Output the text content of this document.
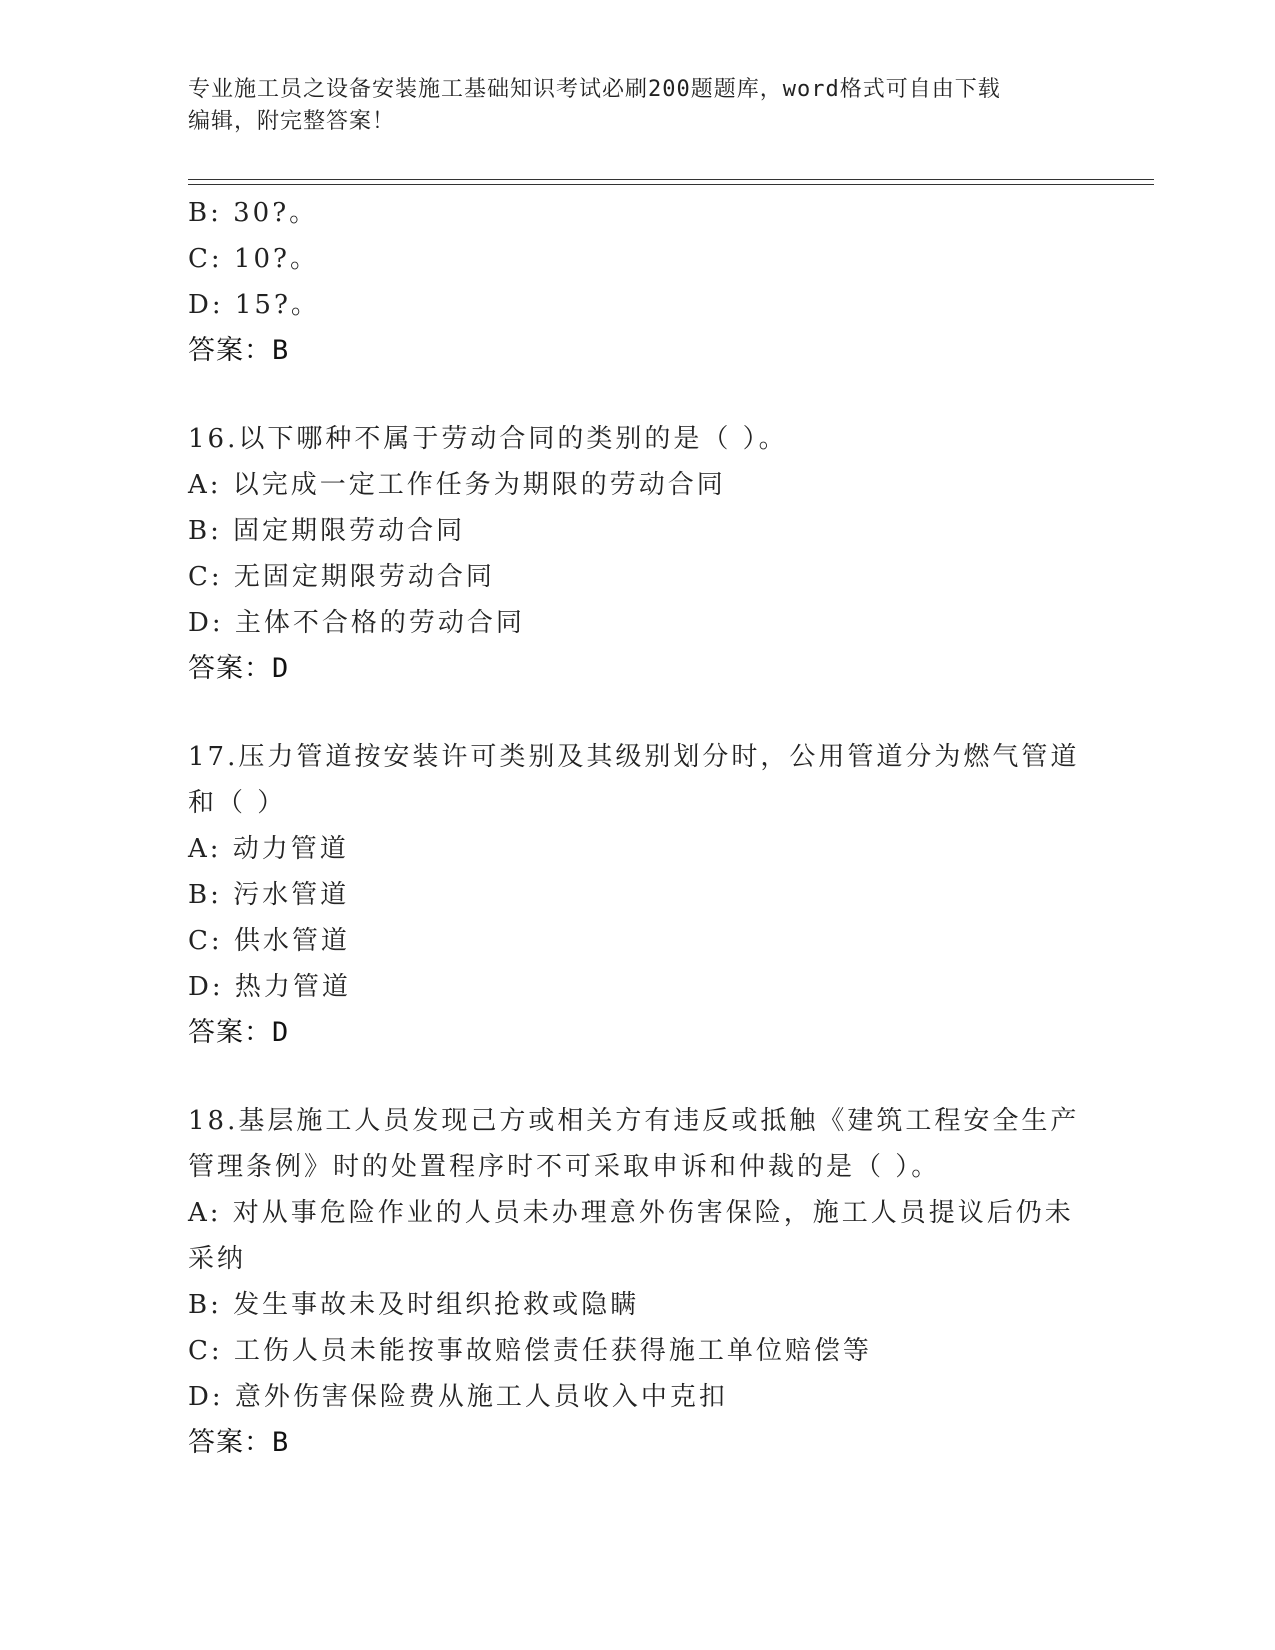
专业施工员之设备安装施工基础知识考试必刷200题题库，word格式可自由下载
编辑，附完整答案！
B: 30?。
C: 10?。
D: 15?。
答案：B
16.以下哪种不属于劳动合同的类别的是（ ）。
A: 以完成一定工作任务为期限的劳动合同
B: 固定期限劳动合同
C: 无固定期限劳动合同
D: 主体不合格的劳动合同
答案：D
17.压力管道按安装许可类别及其级别划分时，公用管道分为燃气管道
和（ ）
A: 动力管道
B: 污水管道
C: 供水管道
D: 热力管道
答案：D
18.基层施工人员发现己方或相关方有违反或抵触《建筑工程安全生产
管理条例》时的处置程序时不可采取申诉和仲裁的是（ ）。
A: 对从事危险作业的人员未办理意外伤害保险，施工人员提议后仍未
采纳
B: 发生事故未及时组织抢救或隐瞒
C: 工伤人员未能按事故赔偿责任获得施工单位赔偿等
D: 意外伤害保险费从施工人员收入中克扣
答案：B
